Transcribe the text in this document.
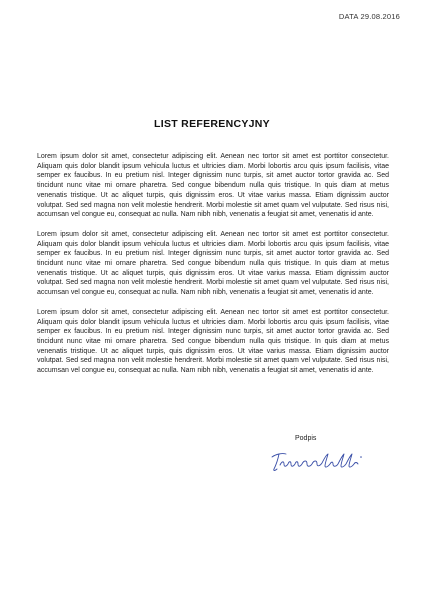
DATA 29.08.2016
LIST REFERENCYJNY

Lorem ipsum dolor sit amet, consectetur adipiscing elit. Aenean nec tortor sit amet est porttitor consectetur. Aliquam quis dolor blandit ipsum vehicula luctus et ultricies diam. Morbi lobortis arcu quis ipsum facilisis, vitae semper ex faucibus. In eu pretium nisl. Integer dignissim nunc turpis, sit amet auctor tortor gravida ac. Sed tincidunt nunc vitae mi ornare pharetra. Sed congue bibendum nulla quis tristique. In quis diam at metus venenatis tristique. Ut ac aliquet turpis, quis dignissim eros. Ut vitae varius massa. Etiam dignissim auctor volutpat. Sed sed magna non velit molestie hendrerit. Morbi molestie sit amet quam vel vulputate. Sed risus nisi, accumsan vel congue eu, consequat ac nulla. Nam nibh nibh, venenatis a feugiat sit amet, venenatis id ante.

Lorem ipsum dolor sit amet, consectetur adipiscing elit. Aenean nec tortor sit amet est porttitor consectetur. Aliquam quis dolor blandit ipsum vehicula luctus et ultricies diam. Morbi lobortis arcu quis ipsum facilisis, vitae semper ex faucibus. In eu pretium nisl. Integer dignissim nunc turpis, sit amet auctor tortor gravida ac. Sed tincidunt nunc vitae mi ornare pharetra. Sed congue bibendum nulla quis tristique. In quis diam at metus venenatis tristique. Ut ac aliquet turpis, quis dignissim eros. Ut vitae varius massa. Etiam dignissim auctor volutpat. Sed sed magna non velit molestie hendrerit. Morbi molestie sit amet quam vel vulputate. Sed risus nisi, accumsan vel congue eu, consequat ac nulla. Nam nibh nibh, venenatis a feugiat sit amet, venenatis id ante.

Lorem ipsum dolor sit amet, consectetur adipiscing elit. Aenean nec tortor sit amet est porttitor consectetur. Aliquam quis dolor blandit ipsum vehicula luctus et ultricies diam. Morbi lobortis arcu quis ipsum facilisis, vitae semper ex faucibus. In eu pretium nisl. Integer dignissim nunc turpis, sit amet auctor tortor gravida ac. Sed tincidunt nunc vitae mi ornare pharetra. Sed congue bibendum nulla quis tristique. In quis diam at metus venenatis tristique. Ut ac aliquet turpis, quis dignissim eros. Ut vitae varius massa. Etiam dignissim auctor volutpat. Sed sed magna non velit molestie hendrerit. Morbi molestie sit amet quam vel vulputate. Sed risus nisi, accumsan vel congue eu, consequat ac nulla. Nam nibh nibh, venenatis a feugiat sit amet, venenatis id ante.

Podpis
